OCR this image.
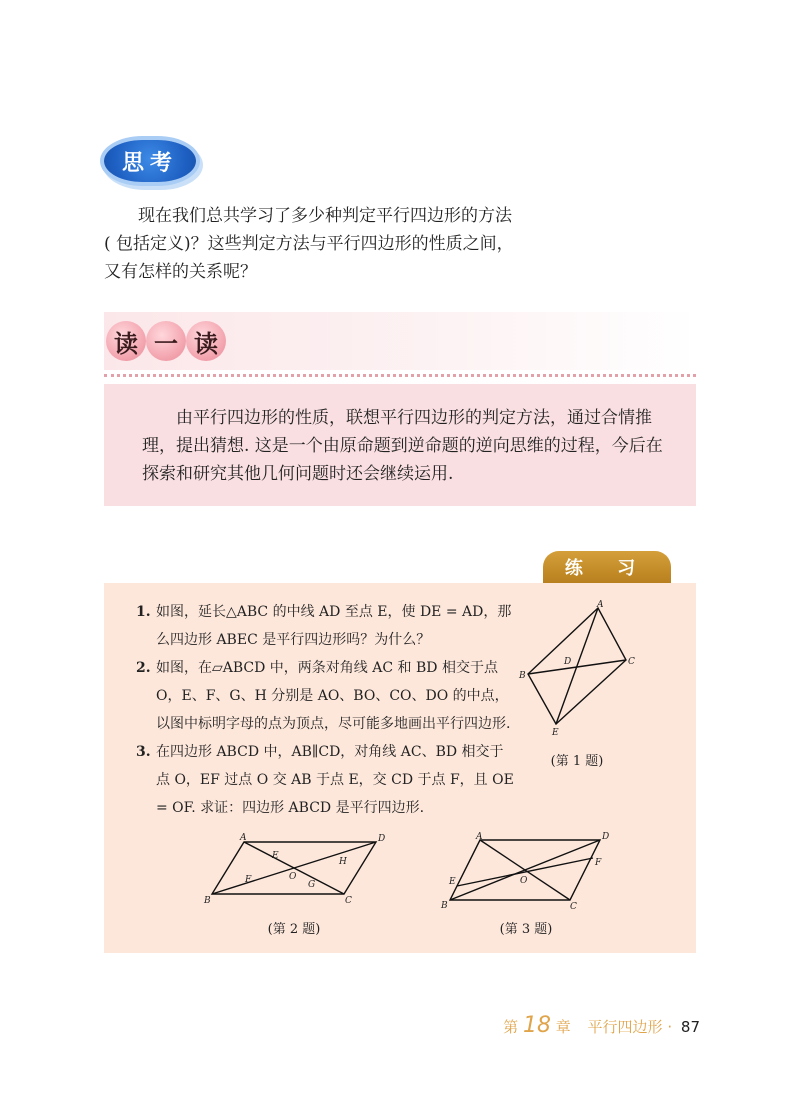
思考

现在我们总共学习了多少种判定平行四边形的方法

( 包括定义)？这些判定方法与平行四边形的性质之间，

又有怎样的关系呢？

读 一 读

由平行四边形的性质，联想平行四边形的判定方法，通过合情推

理，提出猜想. 这是一个由原命题到逆命题的逆向思维的过程，今后在

探索和研究其他几何问题时还会继续运用.

练 习
1. 如图，延长△ABC 的中线 AD 至点 E，使 DE = AD，那么四边形 ABEC 是平行四边形吗？为什么？
2. 如图，在▱ABCD 中，两条对角线 AC 和 BD 相交于点 O，E、F、G、H 分别是 AO、BO、CO、DO 的中点，以图中标明字母的点为顶点，尽可能多地画出平行四边形.
3. 在四边形 ABCD 中，AB∥CD，对角线 AC、BD 相交于点 O，EF 过点 O 交 AB 于点 E，交 CD 于点 F，且 OE = OF. 求证：四边形 ABCD 是平行四边形.
A
B
C
D
E
(第 1 题)
A
B	C
D
E
F	G
H
O
(第 2 题)
A
B	C
D
E
F
O
(第 3 题)
第 18 章 平行四边形 · 87
